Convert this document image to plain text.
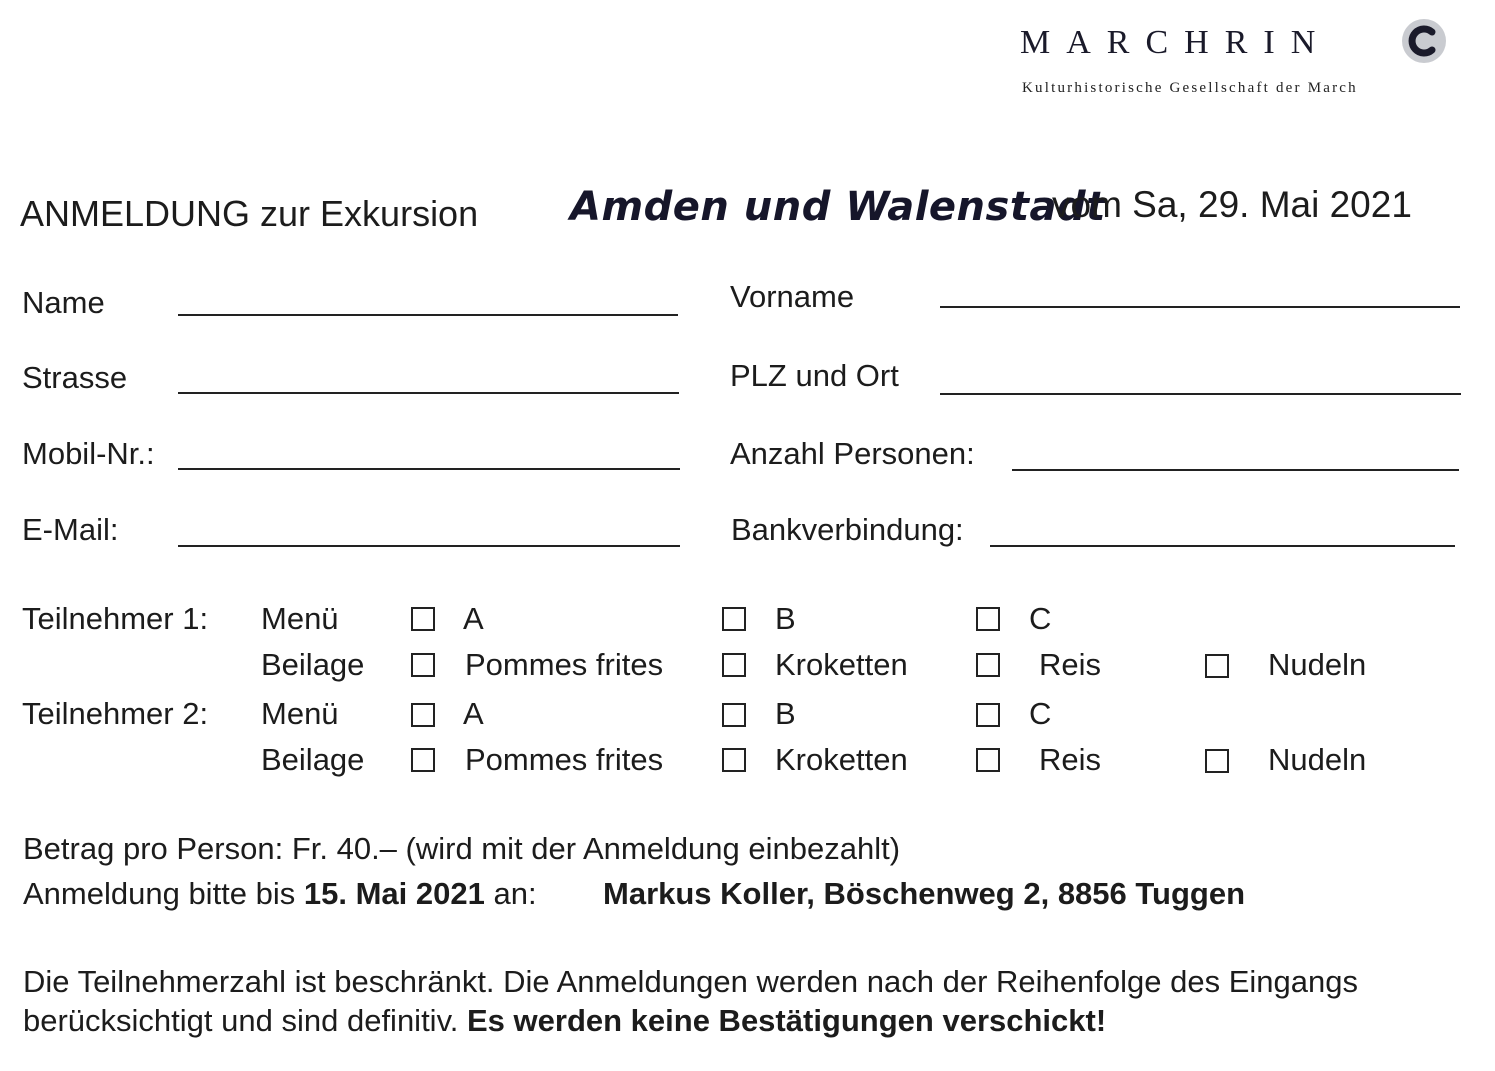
MARCHRIN
Kulturhistorische Gesellschaft der March
ANMELDUNG zur Exkursion Amden und Walenstadt
vom Sa, 29. Mai 2021
Name	Vorname
Strasse	PLZ und Ort
Mobil-Nr.:	Anzahl Personen:
E-Mail:	Bankverbindung:
Teilnehmer 1: Menü	A	B	C
Beilage	Pommes frites	Kroketten	Reis	Nudeln
Teilnehmer 2: Menü	A	B	C
Beilage	Pommes frites	Kroketten	Reis	Nudeln
Betrag pro Person: Fr. 40.– (wird mit der Anmeldung einbezahlt)
Anmeldung bitte bis 15. Mai 2021 an: Markus Koller, Böschenweg 2, 8856 Tuggen
Die Teilnehmerzahl ist beschränkt. Die Anmeldungen werden nach der Reihenfolge des Eingangs
berücksichtigt und sind definitiv. Es werden keine Bestätigungen verschickt!
